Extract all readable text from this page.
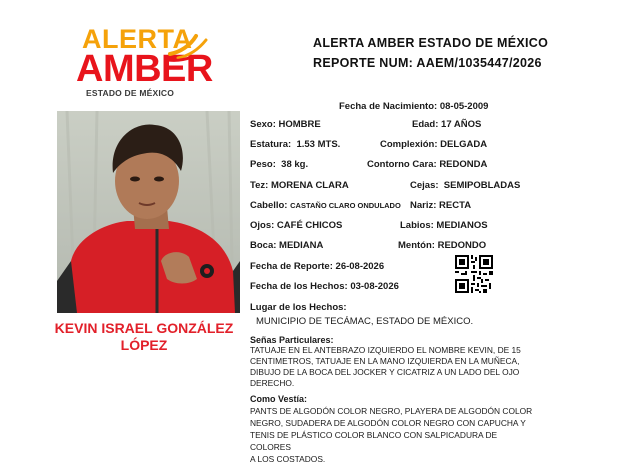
ALERTA
AMBER
ESTADO DE MÉXICO
ALERTA AMBER ESTADO DE MÉXICO
REPORTE NUM: AAEM/1035447/2026
KEVIN ISRAEL GONZÁLEZ
LÓPEZ
Fecha de Nacimiento: 08-05-2009
Sexo: HOMBRE	Edad: 17 AÑOS
Estatura: 1.53 MTS.	Complexión: DELGADA
Peso: 38 kg.	Contorno Cara: REDONDA
Tez: MORENA CLARA	Cejas: SEMIPOBLADAS
Cabello: CASTAÑO CLARO ONDULADO Nariz: RECTA
Ojos: CAFÉ CHICOS	Labios: MEDIANOS
Boca: MEDIANA	Mentón: REDONDO
Fecha de Reporte: 26-08-2026
Fecha de los Hechos: 03-08-2026
Lugar de los Hechos:
MUNICIPIO DE TECÁMAC, ESTADO DE MÉXICO.
Señas Particulares:
TATUAJE EN EL ANTEBRAZO IZQUIERDO EL NOMBRE KEVIN, DE 15
CENTIMETROS, TATUAJE EN LA MANO IZQUIERDA EN LA MUÑECA,
DIBUJO DE LA BOCA DEL JOCKER Y CICATRIZ A UN LADO DEL OJO
DERECHO.
Como Vestía:
PANTS DE ALGODÓN COLOR NEGRO, PLAYERA DE ALGODÓN COLOR
NEGRO, SUDADERA DE ALGODÓN COLOR NEGRO CON CAPUCHA Y
TENIS DE PLÁSTICO COLOR BLANCO CON SALPICADURA DE COLORES
A LOS COSTADOS.
